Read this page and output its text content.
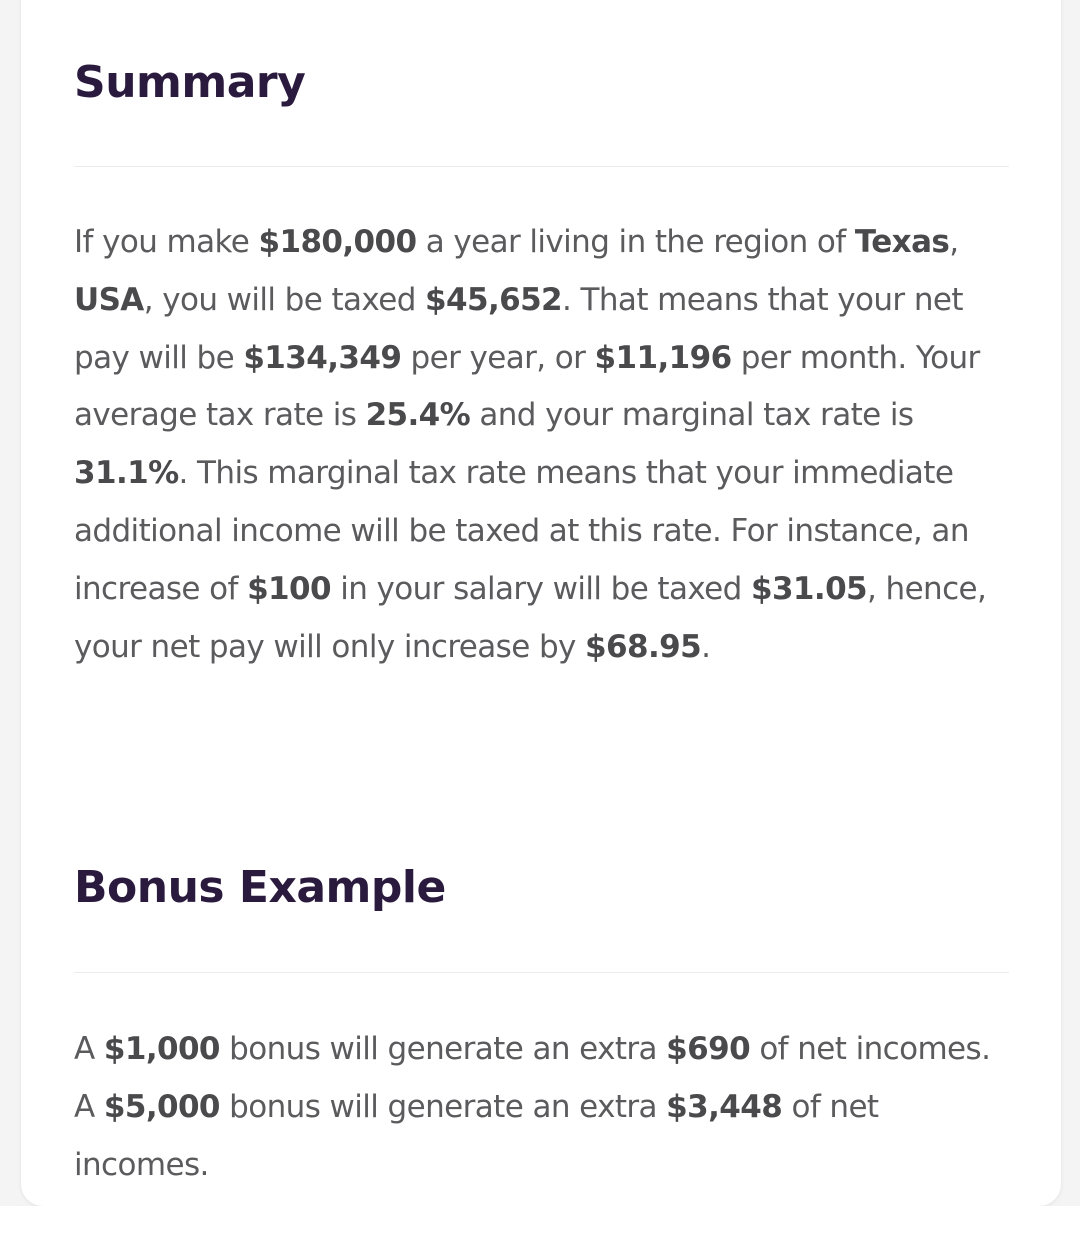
Summary

If you make $180,000 a year living in the region of Texas, USA, you will be taxed $45,652. That means that your net pay will be $134,349 per year, or $11,196 per month. Your average tax rate is 25.4% and your marginal tax rate is 31.1%. This marginal tax rate means that your immediate additional income will be taxed at this rate. For instance, an increase of $100 in your salary will be taxed $31.05, hence, your net pay will only increase by $68.95.

Bonus Example

A $1,000 bonus will generate an extra $690 of net incomes. A $5,000 bonus will generate an extra $3,448 of net incomes.
